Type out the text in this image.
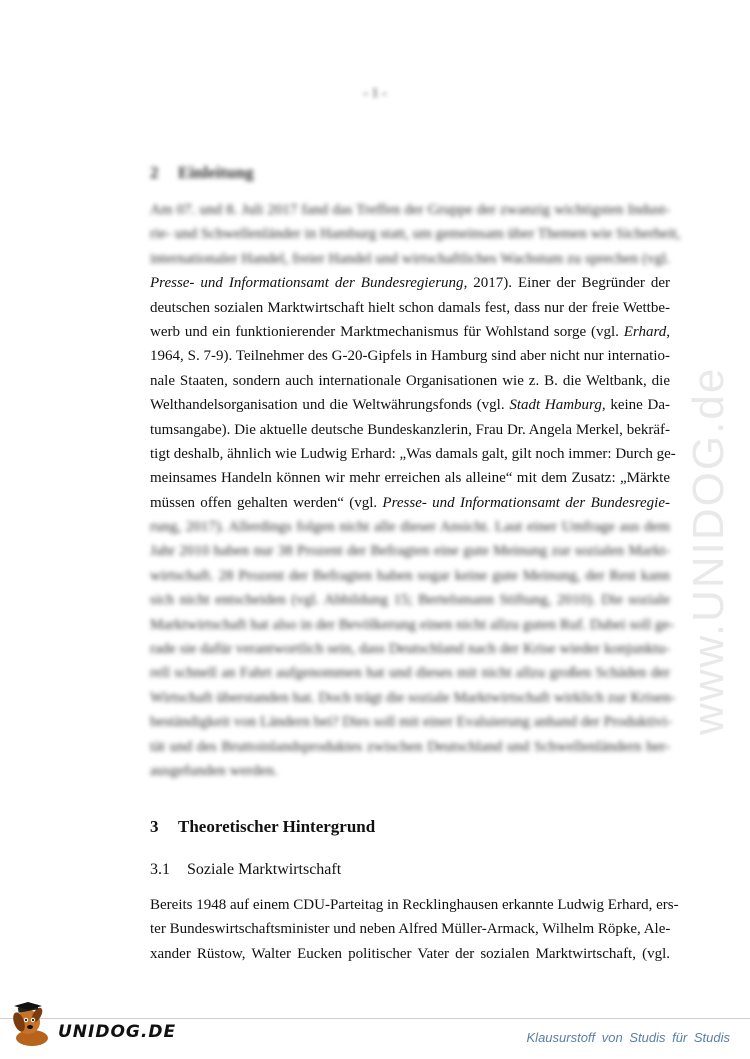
www.UNIDOG.de
- 1 -
2 Einleitung
Am 07. und 8. Juli 2017 fand das Treffen der Gruppe der zwanzig wichtigsten Indust-
rie- und Schwellenländer in Hamburg statt, um gemeinsam über Themen wie Sicherheit,
internationaler Handel, freier Handel und wirtschaftliches Wachstum zu sprechen (vgl.
Presse- und Informationsamt der Bundesregierung, 2017). Einer der Begründer der
deutschen sozialen Marktwirtschaft hielt schon damals fest, dass nur der freie Wettbe-
werb und ein funktionierender Marktmechanismus für Wohlstand sorge (vgl. Erhard,
1964, S. 7-9). Teilnehmer des G-20-Gipfels in Hamburg sind aber nicht nur internatio-
nale Staaten, sondern auch internationale Organisationen wie z. B. die Weltbank, die
Welthandelsorganisation und die Weltwährungsfonds (vgl. Stadt Hamburg, keine Da-
tumsangabe). Die aktuelle deutsche Bundeskanzlerin, Frau Dr. Angela Merkel, bekräf-
tigt deshalb, ähnlich wie Ludwig Erhard: „Was damals galt, gilt noch immer: Durch ge-
meinsames Handeln können wir mehr erreichen als alleine“ mit dem Zusatz: „Märkte
müssen offen gehalten werden“ (vgl. Presse- und Informationsamt der Bundesregie-
rung, 2017). Allerdings folgen nicht alle dieser Ansicht. Laut einer Umfrage aus dem
Jahr 2010 haben nur 38 Prozent der Befragten eine gute Meinung zur sozialen Markt-
wirtschaft. 28 Prozent der Befragten haben sogar keine gute Meinung, der Rest kann
sich nicht entscheiden (vgl. Abbildung 15; Bertelsmann Stiftung, 2010). Die soziale
Marktwirtschaft hat also in der Bevölkerung einen nicht allzu guten Ruf. Dabei soll ge-
rade sie dafür verantwortlich sein, dass Deutschland nach der Krise wieder konjunktu-
rell schnell an Fahrt aufgenommen hat und dieses mit nicht allzu großen Schäden der
Wirtschaft überstanden hat. Doch trägt die soziale Marktwirtschaft wirklich zur Krisen-
beständigkeit von Ländern bei? Dies soll mit einer Evaluierung anhand der Produktivi-
tät und des Bruttoinlandsproduktes zwischen Deutschland und Schwellenländern her-
ausgefunden werden.
3 Theoretischer Hintergrund
3.1 Soziale Marktwirtschaft
Bereits 1948 auf einem CDU-Parteitag in Recklinghausen erkannte Ludwig Erhard, ers-
ter Bundeswirtschaftsminister und neben Alfred Müller-Armack, Wilhelm Röpke, Ale-
xander Rüstow, Walter Eucken politischer Vater der sozialen Marktwirtschaft, (vgl.
UNIDOG.DE	Klausurstoff von Studis für Studis
